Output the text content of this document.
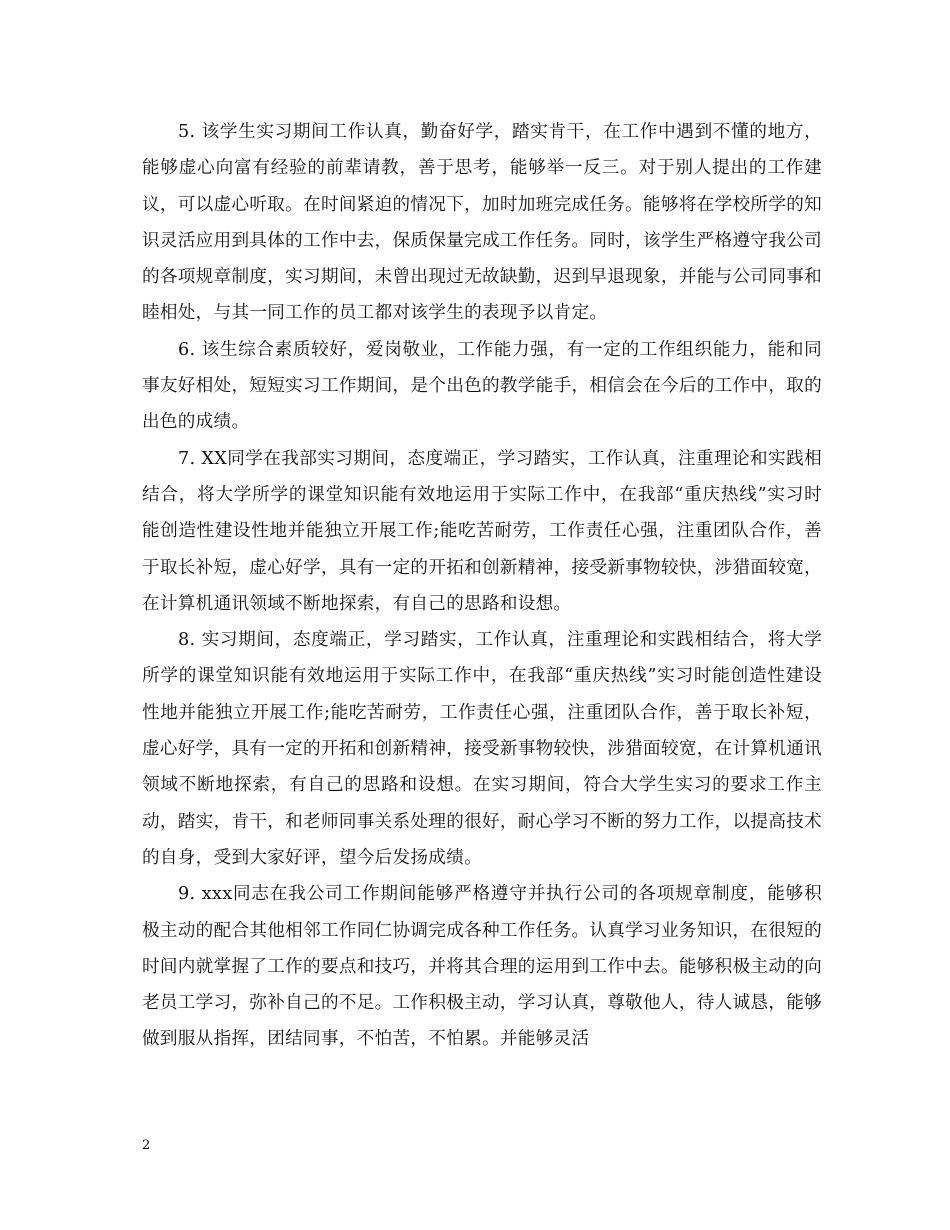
5. 该学生实习期间工作认真，勤奋好学，踏实肯干，在工作中遇到不懂的地方，能够虚心向富有经验的前辈请教，善于思考，能够举一反三。对于别人提出的工作建议，可以虚心听取。在时间紧迫的情况下，加时加班完成任务。能够将在学校所学的知识灵活应用到具体的工作中去，保质保量完成工作任务。同时，该学生严格遵守我公司的各项规章制度，实习期间，未曾出现过无故缺勤，迟到早退现象，并能与公司同事和睦相处，与其一同工作的员工都对该学生的表现予以肯定。

6. 该生综合素质较好，爱岗敬业，工作能力强，有一定的工作组织能力，能和同事友好相处，短短实习工作期间，是个出色的教学能手，相信会在今后的工作中，取的出色的成绩。

7. XX同学在我部实习期间，态度端正，学习踏实，工作认真，注重理论和实践相结合，将大学所学的课堂知识能有效地运用于实际工作中，在我部“重庆热线”实习时能创造性建设性地并能独立开展工作;能吃苦耐劳，工作责任心强，注重团队合作，善于取长补短，虚心好学，具有一定的开拓和创新精神，接受新事物较快，涉猎面较宽，在计算机通讯领域不断地探索，有自己的思路和设想。

8. 实习期间，态度端正，学习踏实，工作认真，注重理论和实践相结合，将大学所学的课堂知识能有效地运用于实际工作中，在我部“重庆热线”实习时能创造性建设性地并能独立开展工作;能吃苦耐劳，工作责任心强，注重团队合作，善于取长补短，虚心好学，具有一定的开拓和创新精神，接受新事物较快，涉猎面较宽，在计算机通讯领域不断地探索，有自己的思路和设想。在实习期间，符合大学生实习的要求工作主动，踏实，肯干，和老师同事关系处理的很好，耐心学习不断的努力工作，以提高技术的自身，受到大家好评，望今后发扬成绩。

9. xxx同志在我公司工作期间能够严格遵守并执行公司的各项规章制度，能够积极主动的配合其他相邻工作同仁协调完成各种工作任务。认真学习业务知识，在很短的时间内就掌握了工作的要点和技巧，并将其合理的运用到工作中去。能够积极主动的向老员工学习，弥补自己的不足。工作积极主动，学习认真，尊敬他人，待人诚恳，能够做到服从指挥，团结同事，不怕苦，不怕累。并能够灵活

2
